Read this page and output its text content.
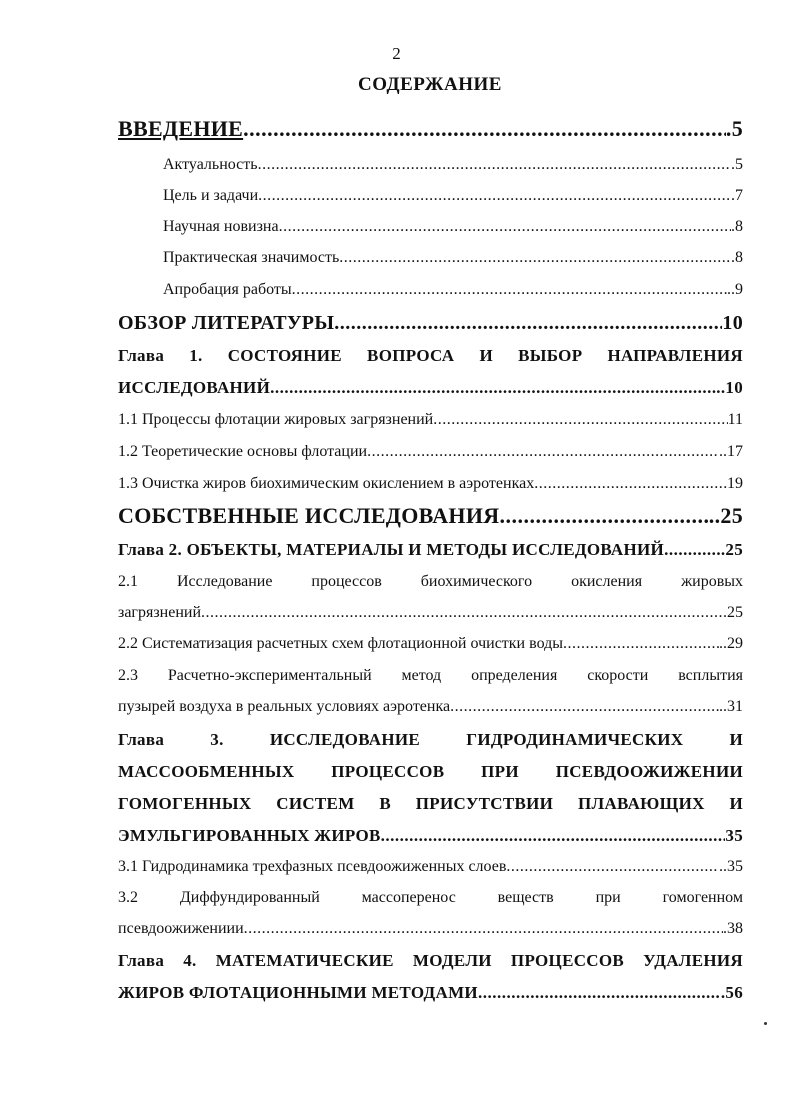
2
СОДЕРЖАНИЕ
ВВЕДЕНИЕ .....	.5
Актуальность .....	.5
Цель и задачи .....	.7
Научная новизна .....	.8
Практическая значимость .....	.8
Апробация работы .....	..9
ОБЗОР ЛИТЕРАТУРЫ .....	10
Глава 1. СОСТОЯНИЕ ВОПРОСА И ВЫБОР НАПРАВЛЕНИЯ
ИССЛЕДОВАНИЙ .....	..10
1.1 Процессы флотации жировых загрязнений .....	11
1.2 Теоретические основы флотации .....	..17
1.3 Очистка жиров биохимическим окислением в аэротенках .....	19
СОБСТВЕННЫЕ ИССЛЕДОВАНИЯ .....	..25
Глава 2. ОБЪЕКТЫ, МАТЕРИАЛЫ И МЕТОДЫ ИССЛЕДОВАНИЙ .....	.25
2.1 Исследование процессов биохимического окисления жировых
загрязнений .....	25
2.2 Систематизация расчетных схем флотационной очистки воды .....	..29
2.3 Расчетно-экспериментальный метод определения скорости всплытия
пузырей воздуха в реальных условиях аэротенка .....	..31
Глава 3. ИССЛЕДОВАНИЕ ГИДРОДИНАМИЧЕСКИХ И
МАССООБМЕННЫХ ПРОЦЕССОВ ПРИ ПСЕВДООЖИЖЕНИИ
ГОМОГЕННЫХ СИСТЕМ В ПРИСУТСТВИИ ПЛАВАЮЩИХ И
ЭМУЛЬГИРОВАННЫХ ЖИРОВ .....	35
3.1 Гидродинамика трехфазных псевдоожиженных слоев .....	..35
3.2 Диффундированный массоперенос веществ при гомогенном
псевдоожижениии .....	.38
Глава 4. МАТЕМАТИЧЕСКИЕ МОДЕЛИ ПРОЦЕССОВ УДАЛЕНИЯ
ЖИРОВ ФЛОТАЦИОННЫМИ МЕТОДАМИ .....	.56
